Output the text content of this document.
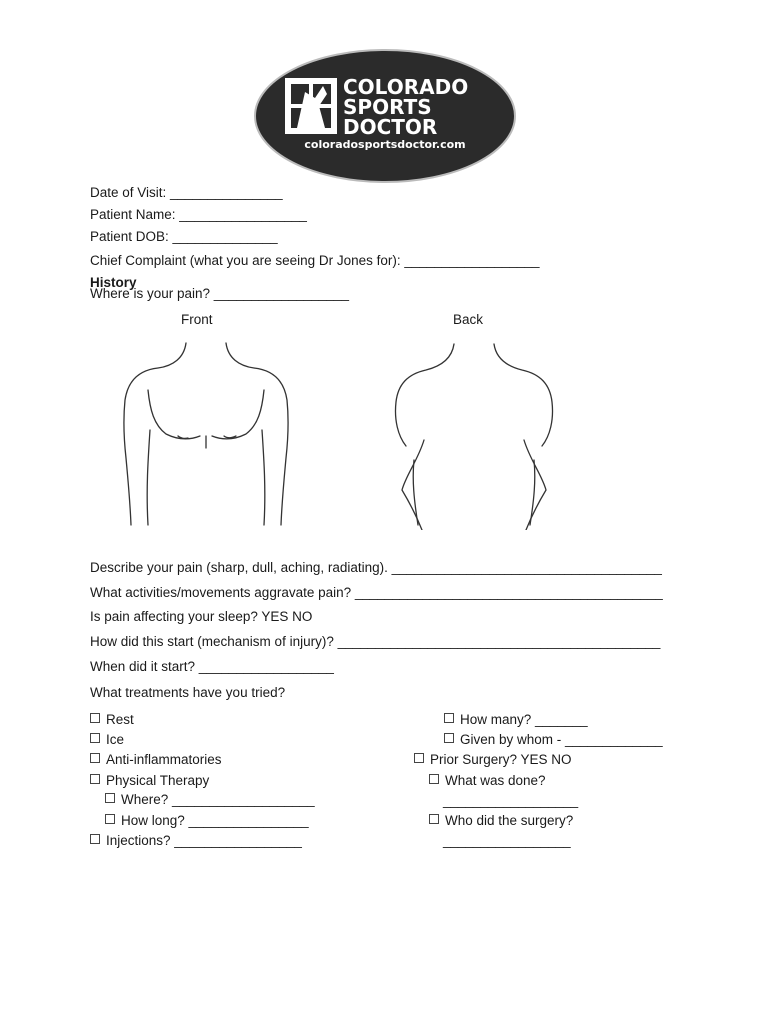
COLORADO
SPORTS
DOCTOR
coloradosportsdoctor.com
Date of Visit: _______________
Patient Name: _________________
Patient DOB: ______________
Chief Complaint (what you are seeing Dr Jones for): __________________
History
Where is your pain? __________________
Front	Back
Describe your pain (sharp, dull, aching, radiating). ____________________________________
What activities/movements aggravate pain? _________________________________________
Is pain affecting your sleep? YES NO
How did this start (mechanism of injury)? ___________________________________________
When did it start? __________________
What treatments have you tried?
Rest
Ice
Anti-inflammatories
Physical Therapy
Where? ___________________
How long? ________________
Injections? _________________
How many? _______
Given by whom - _____________
Prior Surgery? YES NO
What was done?
__________________
Who did the surgery?
_________________
